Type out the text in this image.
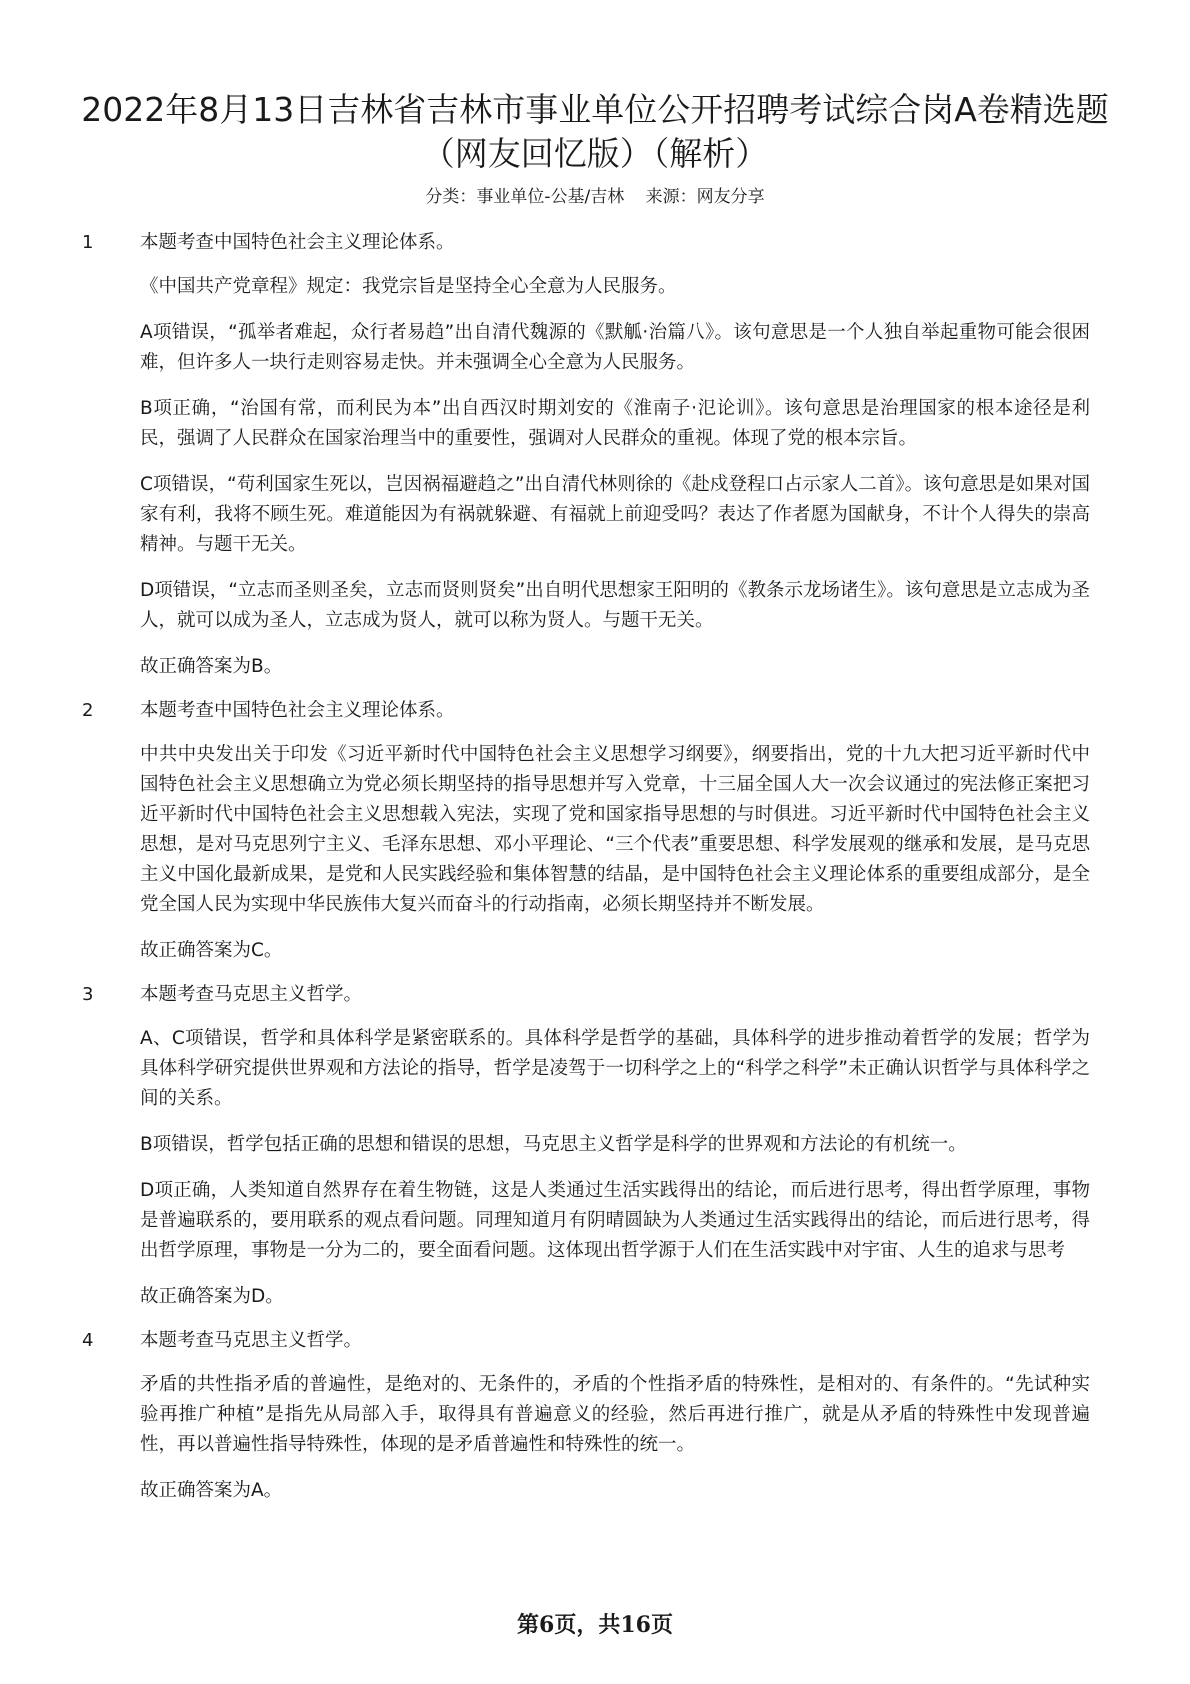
2022年8月13日吉林省吉林市事业单位公开招聘考试综合岗A卷精选题（网友回忆版）（解析）
分类：事业单位-公基/吉林 来源：网友分享
1	本题考查中国特色社会主义理论体系。

《中国共产党章程》规定：我党宗旨是坚持全心全意为人民服务。

A项错误，“孤举者难起，众行者易趋”出自清代魏源的《默觚·治篇八》。该句意思是一个人独自举起重物可能会很困难，但许多人一块行走则容易走快。并未强调全心全意为人民服务。

B项正确，“治国有常，而利民为本”出自西汉时期刘安的《淮南子·氾论训》。该句意思是治理国家的根本途径是利民，强调了人民群众在国家治理当中的重要性，强调对人民群众的重视。体现了党的根本宗旨。

C项错误，“苟利国家生死以，岂因祸福避趋之”出自清代林则徐的《赴戍登程口占示家人二首》。该句意思是如果对国家有利，我将不顾生死。难道能因为有祸就躲避、有福就上前迎受吗？表达了作者愿为国献身，不计个人得失的崇高精神。与题干无关。

D项错误，“立志而圣则圣矣，立志而贤则贤矣”出自明代思想家王阳明的《教条示龙场诸生》。该句意思是立志成为圣人，就可以成为圣人，立志成为贤人，就可以称为贤人。与题干无关。

故正确答案为B。

2	本题考查中国特色社会主义理论体系。

中共中央发出关于印发《习近平新时代中国特色社会主义思想学习纲要》，纲要指出，党的十九大把习近平新时代中国特色社会主义思想确立为党必须长期坚持的指导思想并写入党章，十三届全国人大一次会议通过的宪法修正案把习近平新时代中国特色社会主义思想载入宪法，实现了党和国家指导思想的与时俱进。习近平新时代中国特色社会主义思想，是对马克思列宁主义、毛泽东思想、邓小平理论、“三个代表”重要思想、科学发展观的继承和发展，是马克思主义中国化最新成果，是党和人民实践经验和集体智慧的结晶，是中国特色社会主义理论体系的重要组成部分，是全党全国人民为实现中华民族伟大复兴而奋斗的行动指南，必须长期坚持并不断发展。

故正确答案为C。

3	本题考查马克思主义哲学。

A、C项错误，哲学和具体科学是紧密联系的。具体科学是哲学的基础，具体科学的进步推动着哲学的发展；哲学为具体科学研究提供世界观和方法论的指导，哲学是凌驾于一切科学之上的“科学之科学”未正确认识哲学与具体科学之间的关系。

B项错误，哲学包括正确的思想和错误的思想，马克思主义哲学是科学的世界观和方法论的有机统一。

D项正确，人类知道自然界存在着生物链，这是人类通过生活实践得出的结论，而后进行思考，得出哲学原理，事物是普遍联系的，要用联系的观点看问题。同理知道月有阴晴圆缺为人类通过生活实践得出的结论，而后进行思考，得出哲学原理，事物是一分为二的，要全面看问题。这体现出哲学源于人们在生活实践中对宇宙、人生的追求与思考

故正确答案为D。

4	本题考查马克思主义哲学。

矛盾的共性指矛盾的普遍性，是绝对的、无条件的，矛盾的个性指矛盾的特殊性，是相对的、有条件的。“先试种实验再推广种植”是指先从局部入手，取得具有普遍意义的经验，然后再进行推广，就是从矛盾的特殊性中发现普遍性，再以普遍性指导特殊性，体现的是矛盾普遍性和特殊性的统一。

故正确答案为A。

第6页，共16页
